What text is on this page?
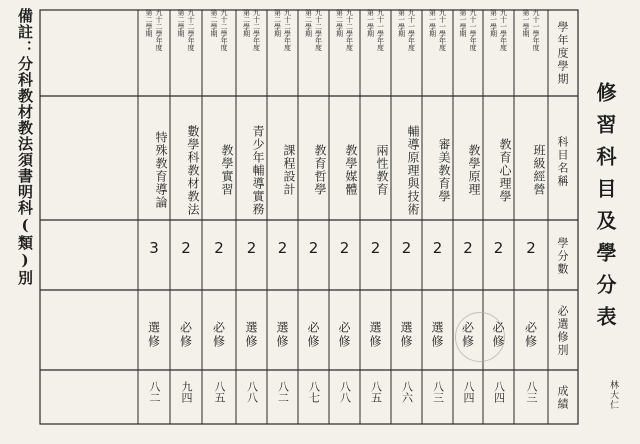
修習科目及學分表
林大仁
備註：分科教材教法須書明科(類)別	學年度學期
科目名稱
學分數
必選修別
成績
九十一學年度第一學期
班級經營
2
必修
八三
九十一學年度第一學期
教育心理學
2
必修
八四
九十一學年度第一學期
教學原理
2
必修
八四
九十一學年度第一學期
審美教育學
2
選修
八三
九十一學年度第一學期
輔導原理與技術
2
選修
八六
九十一學年度第一學期
兩性教育
2
選修
八五
九十二學年度第二學期
教學媒體
2
必修
八八
九十二學年度第二學期
教育哲學
2
必修
八七
九十二學年度第二學期
課程設計
2
選修
八二
九十二學年度第二學期
青少年輔導實務
2
選修
八八
九十二學年度第二學期
教學實習
2
必修
八五
九十二學年度第二學期
數學科教材教法
2
必修
九四
九十二學年度第二學期
特殊教育導論
3
選修
八二
